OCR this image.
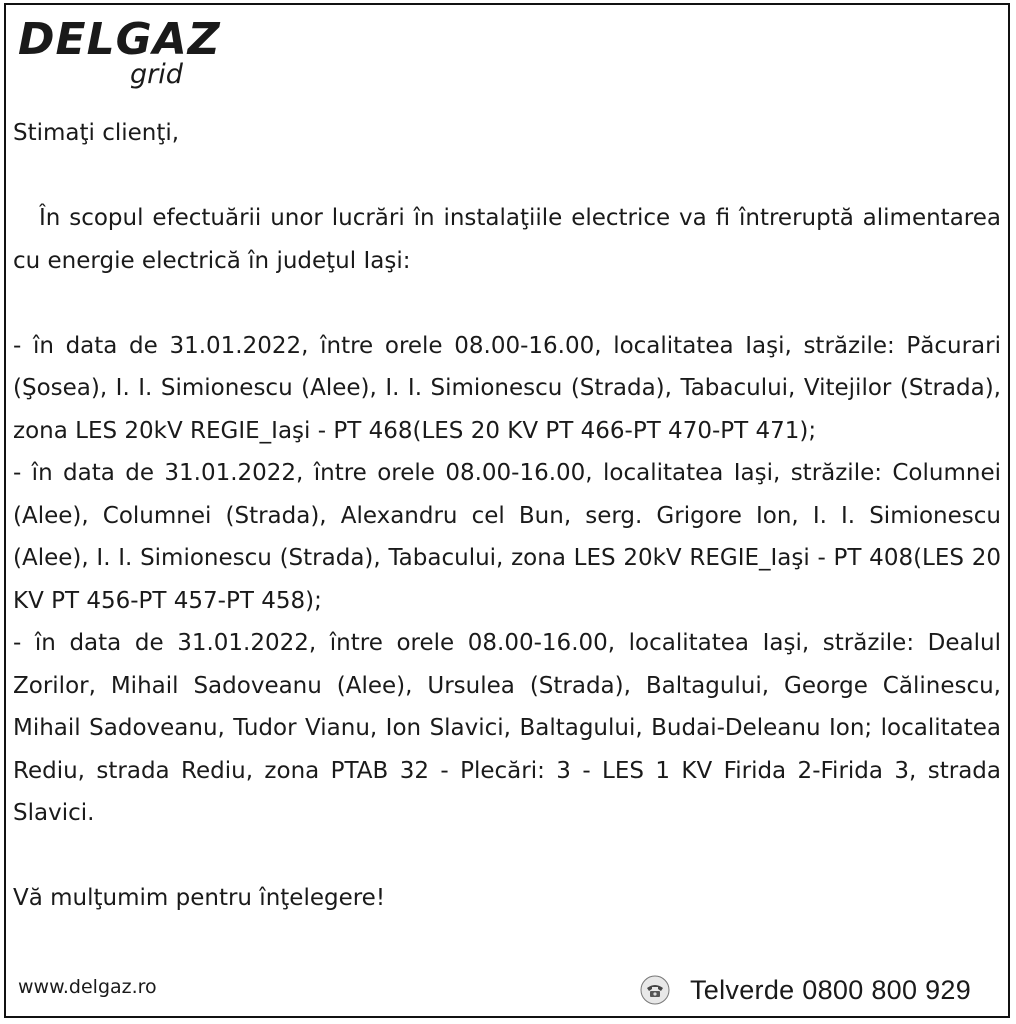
DELGAZ
grid

Stimaţi clienţi,

În scopul efectuării unor lucrări în instalaţiile electrice va fi întreruptă alimentarea cu energie electrică în judeţul Iaşi:

- în data de 31.01.2022, între orele 08.00-16.00, localitatea Iaşi, străzile: Păcurari (Şosea), I. I. Simionescu (Alee), I. I. Simionescu (Strada), Tabacului, Vitejilor (Strada), zona LES 20kV REGIE_Iaşi - PT 468(LES 20 KV PT 466-PT 470-PT 471);

- în data de 31.01.2022, între orele 08.00-16.00, localitatea Iaşi, străzile: Columnei (Alee), Columnei (Strada), Alexandru cel Bun, serg. Grigore Ion, I. I. Simionescu (Alee), I. I. Simionescu (Strada), Tabacului, zona LES 20kV REGIE_Iaşi - PT 408(LES 20 KV PT 456-PT 457-PT 458);

- în data de 31.01.2022, între orele 08.00-16.00, localitatea Iaşi, străzile: Dealul Zorilor, Mihail Sadoveanu (Alee), Ursulea (Strada), Baltagului, George Călinescu, Mihail Sadoveanu, Tudor Vianu, Ion Slavici, Baltagului, Budai-Deleanu Ion; localitatea Rediu, strada Rediu, zona PTAB 32 - Plecări: 3 - LES 1 KV Firida 2-Firida 3, strada Slavici.

Vă mulţumim pentru înţelegere!

www.delgaz.ro	Telverde 0800 800 929
